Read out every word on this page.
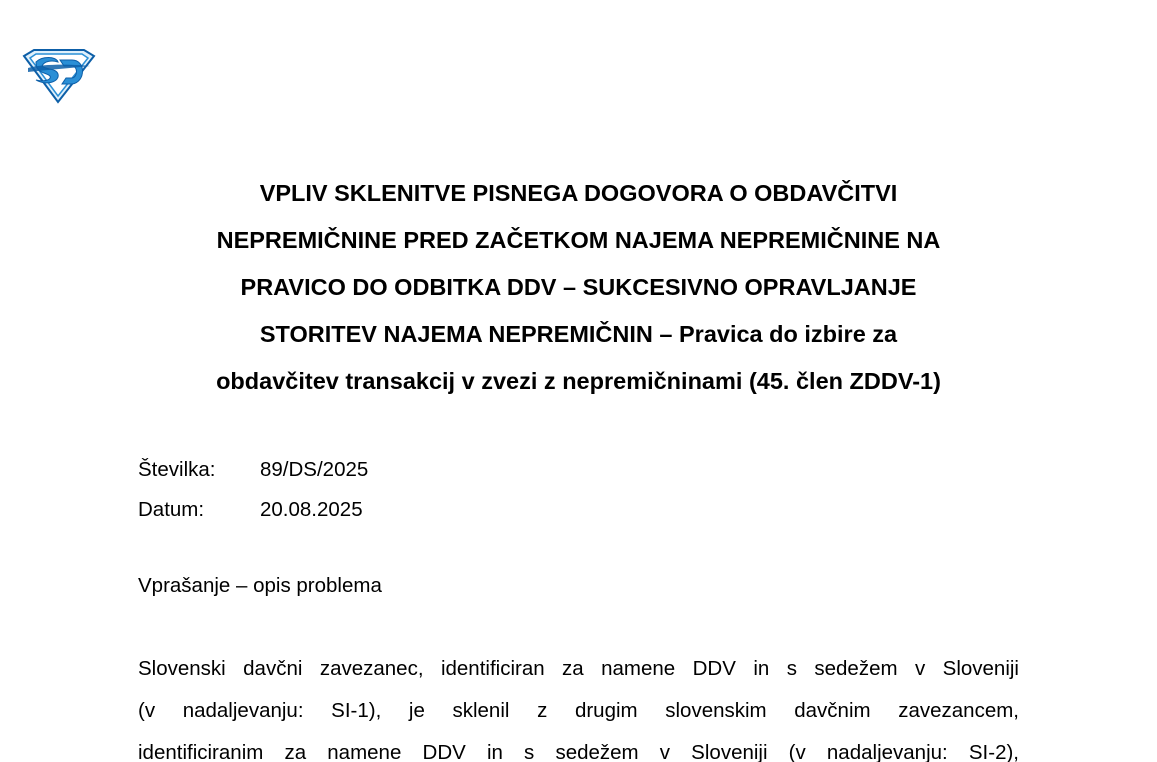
VPLIV SKLENITVE PISNEGA DOGOVORA O OBDAVČITVI
NEPREMIČNINE PRED ZAČETKOM NAJEMA NEPREMIČNINE NA
PRAVICO DO ODBITKA DDV – SUKCESIVNO OPRAVLJANJE
STORITEV NAJEMA NEPREMIČNIN – Pravica do izbire za
obdavčitev transakcij v zvezi z nepremičninami (45. člen ZDDV-1)
Številka:	89/DS/2025
Datum:	20.08.2025
Vprašanje – opis problema
Slovenski davčni zavezanec, identificiran za namene DDV in s sedežem v Sloveniji
(v nadaljevanju: SI-1), je sklenil z drugim slovenskim davčnim zavezancem,
identificiranim za namene DDV in s sedežem v Sloveniji (v nadaljevanju: SI-2),
